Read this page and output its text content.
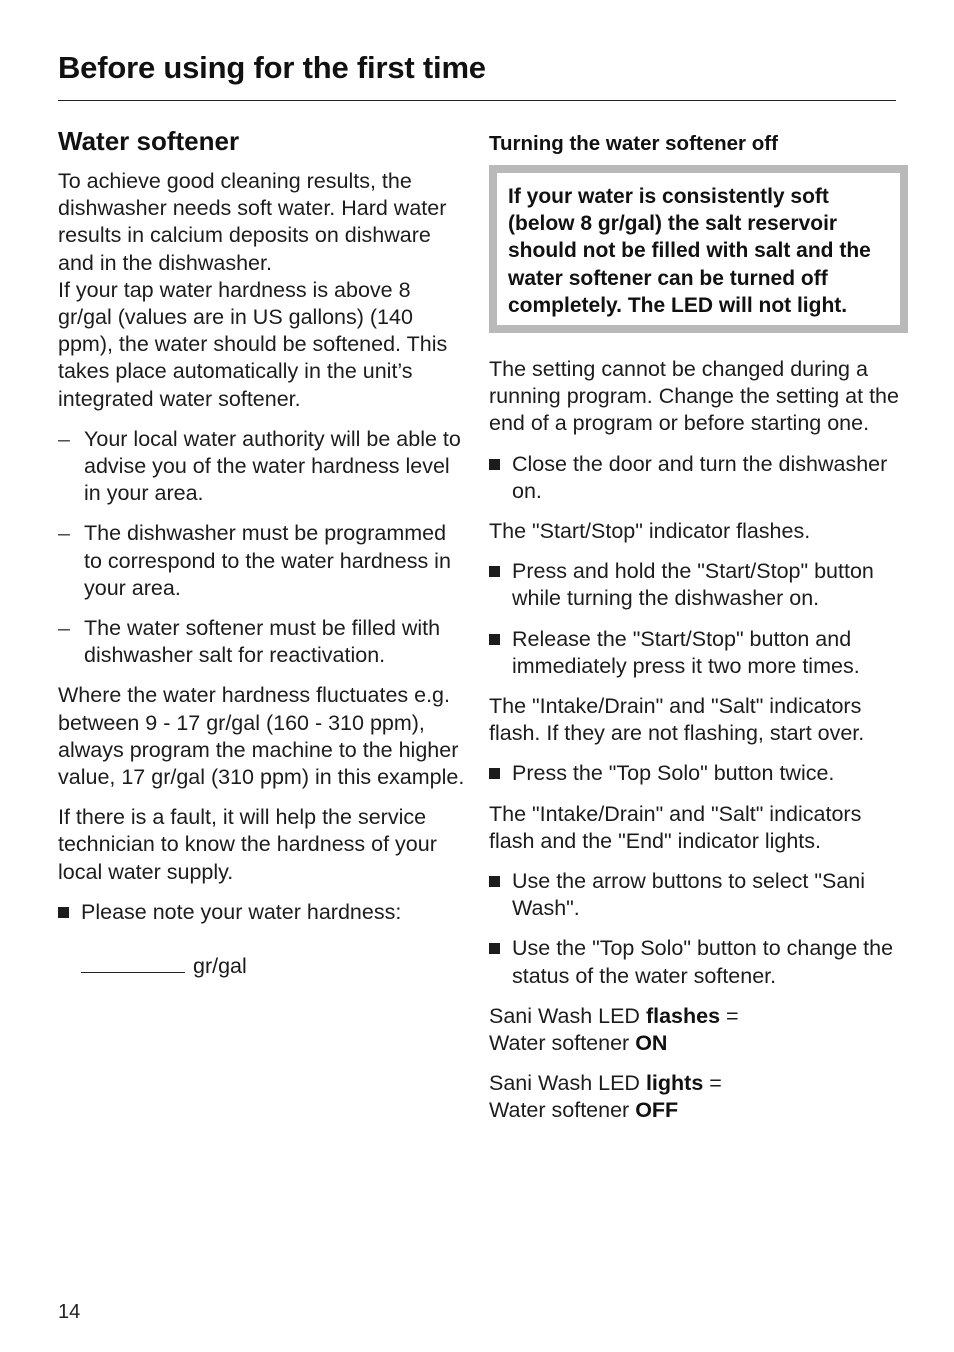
Before using for the first time
Water softener

To achieve good cleaning results, the dishwasher needs soft water. Hard water results in calcium deposits on dishware and in the dishwasher.

If your tap water hardness is above 8 gr/gal (values are in US gallons) (140 ppm), the water should be softened. This takes place automatically in the unit’s integrated water softener.

– Your local water authority will be able to advise you of the water hardness level in your area.
– The dishwasher must be programmed to correspond to the water hardness in your area.
– The water softener must be filled with dishwasher salt for reactivation.

Where the water hardness fluctuates e.g. between 9 - 17 gr/gal (160 - 310 ppm), always program the machine to the higher value, 17 gr/gal (310 ppm) in this example.

If there is a fault, it will help the service technician to know the hardness of your local water supply.

Please note your water hardness:
gr/gal
Turning the water softener off

If your water is consistently soft (below 8 gr/gal) the salt reservoir should not be filled with salt and the water softener can be turned off completely. The LED will not light.

The setting cannot be changed during a running program. Change the setting at the end of a program or before starting one.

Close the door and turn the dishwasher on.

The "Start/Stop" indicator flashes.

Press and hold the "Start/Stop" button while turning the dishwasher on.
Release the "Start/Stop" button and immediately press it two more times.

The "Intake/Drain" and "Salt" indicators flash. If they are not flashing, start over.

Press the "Top Solo" button twice.

The "Intake/Drain" and "Salt" indicators flash and the "End" indicator lights.

Use the arrow buttons to select "Sani Wash".
Use the "Top Solo" button to change the status of the water softener.

Sani Wash LED flashes =
Water softener ON

Sani Wash LED lights =
Water softener OFF

14
